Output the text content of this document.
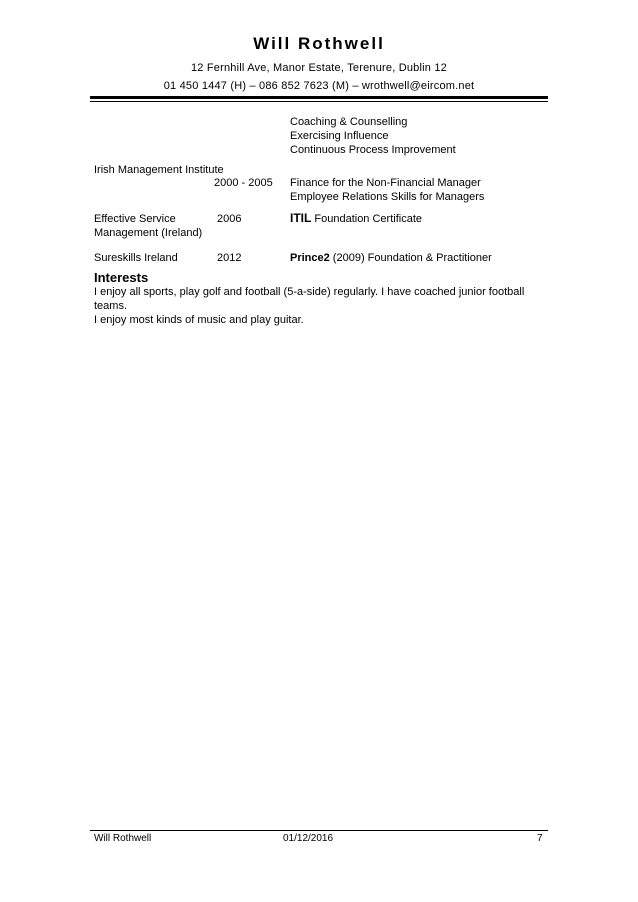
Will Rothwell
12 Fernhill Ave, Manor Estate, Terenure, Dublin 12
01 450 1447 (H) – 086 852 7623 (M) – wrothwell@eircom.net
Coaching & Counselling
Exercising Influence
Continuous Process Improvement
Irish Management Institute
2000 - 2005 Finance for the Non-Financial Manager
Employee Relations Skills for Managers
Effective Service
Management (Ireland)
2006	ITIL Foundation Certificate
Sureskills Ireland	2012	Prince2 (2009) Foundation & Practitioner
Interests
I enjoy all sports, play golf and football (5-a-side) regularly. I have coached junior football
teams.
I enjoy most kinds of music and play guitar.
Will Rothwell	01/12/2016	7
